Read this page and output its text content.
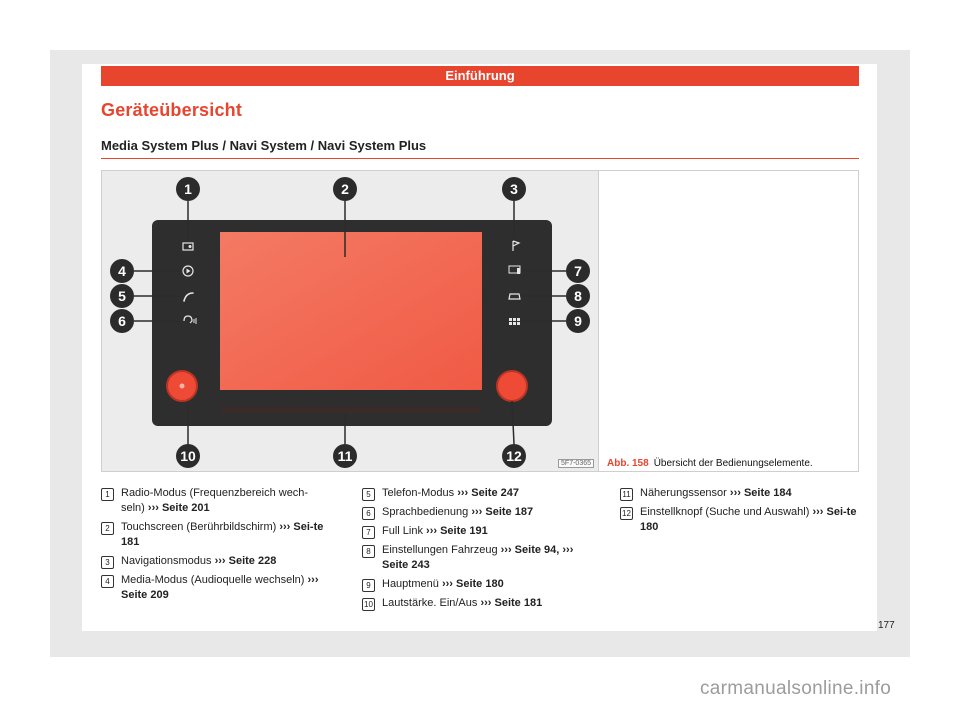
Einführung
Geräteübersicht
Media System Plus / Navi System / Navi System Plus
1	2	3
4
5
6
7
8
9
10	11	12	5F7-0365	Abb. 158 Übersicht der Bedienungselemente.
1	Radio-Modus (Frequenzbereich wech-seln) ››› Seite 201
2	Touchscreen (Berührbildschirm) ››› Sei-te 181
3	Navigationsmodus ››› Seite 228
4	Media-Modus (Audioquelle wechseln) ››› Seite 209
5	Telefon-Modus ››› Seite 247
6	Sprachbedienung ››› Seite 187
7	Full Link ››› Seite 191
8	Einstellungen Fahrzeug ››› Seite 94, ››› Seite 243
9	Hauptmenü ››› Seite 180
10 Lautstärke. Ein/Aus ››› Seite 181
11 Näherungssensor ››› Seite 184
12 Einstellknopf (Suche und Auswahl) ››› Sei-te 180
177
carmanualsonline.info
